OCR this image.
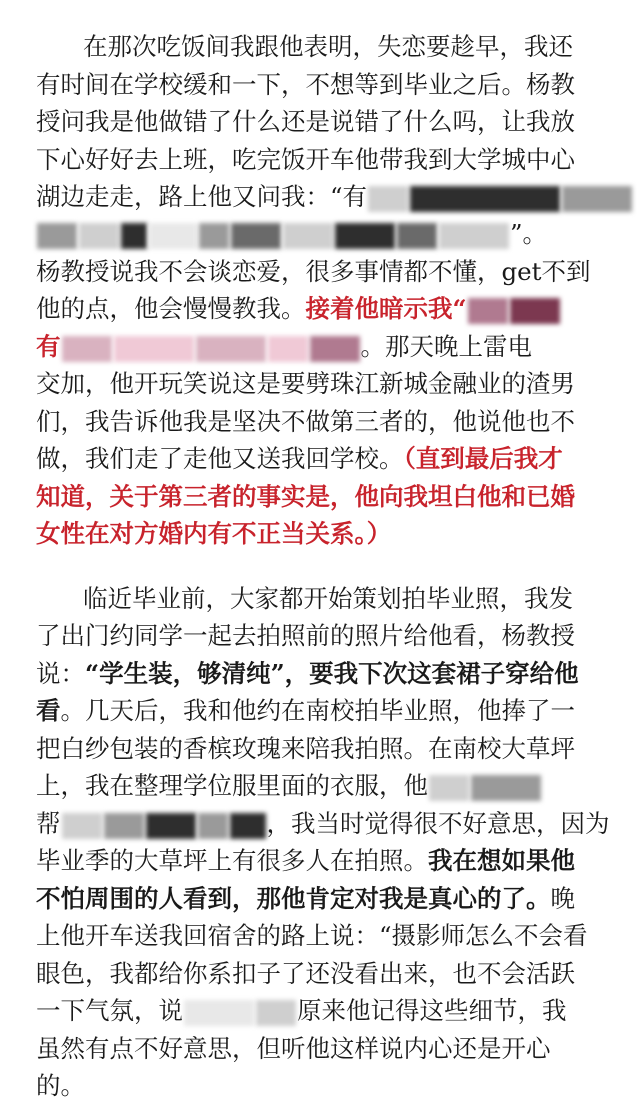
在那次吃饭间我跟他表明，失恋要趁早，我还
有时间在学校缓和一下，不想等到毕业之后。杨教
授问我是他做错了什么还是说错了什么吗，让我放
下心好好去上班，吃完饭开车他带我到大学城中心
湖边走走，路上他又问我：“有
”。
杨教授说我不会谈恋爱，很多事情都不懂，get不到
他的点，他会慢慢教我。接着他暗示我“
有	。那天晚上雷电
交加，他开玩笑说这是要劈珠江新城金融业的渣男
们，我告诉他我是坚决不做第三者的，他说他也不
做，我们走了走他又送我回学校。（直到最后我才
知道，关于第三者的事实是，他向我坦白他和已婚
女性在对方婚内有不正当关系。）
临近毕业前，大家都开始策划拍毕业照，我发
了出门约同学一起去拍照前的照片给他看，杨教授
说：“学生装，够清纯”，要我下次这套裙子穿给他
看。几天后，我和他约在南校拍毕业照，他捧了一
把白纱包装的香槟玫瑰来陪我拍照。在南校大草坪
上，我在整理学位服里面的衣服，他
帮	，我当时觉得很不好意思，因为
毕业季的大草坪上有很多人在拍照。我在想如果他
不怕周围的人看到，那他肯定对我是真心的了。晚
上他开车送我回宿舍的路上说：“摄影师怎么不会看
眼色，我都给你系扣子了还没看出来，也不会活跃
一下气氛，说	原来他记得这些细节，我
虽然有点不好意思，但听他这样说内心还是开心
的。
